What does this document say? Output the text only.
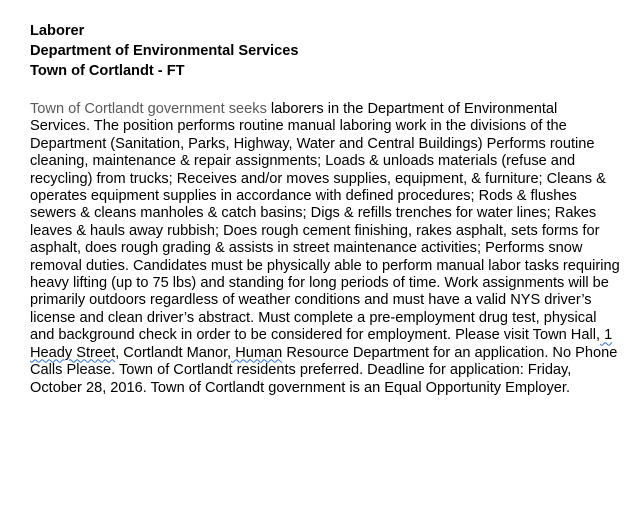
Laborer

Department of Environmental Services

Town of Cortlandt - FT

Town of Cortlandt government seeks laborers in the Department of Environmental Services. The position performs routine manual laboring work in the divisions of the Department (Sanitation, Parks, Highway, Water and Central Buildings) Performs routine cleaning, maintenance & repair assignments; Loads & unloads materials (refuse and recycling) from trucks; Receives and/or moves supplies, equipment, & furniture; Cleans & operates equipment supplies in accordance with defined procedures; Rods & flushes sewers & cleans manholes & catch basins; Digs & refills trenches for water lines; Rakes leaves & hauls away rubbish; Does rough cement finishing, rakes asphalt, sets forms for asphalt, does rough grading & assists in street maintenance activities; Performs snow removal duties. Candidates must be physically able to perform manual labor tasks requiring heavy lifting (up to 75 lbs) and standing for long periods of time. Work assignments will be primarily outdoors regardless of weather conditions and must have a valid NYS driver’s license and clean driver’s abstract. Must complete a pre-employment drug test, physical and background check in order to be considered for employment. Please visit Town Hall, 1 Heady Street, Cortlandt Manor, Human Resource Department for an application. No Phone Calls Please. Town of Cortlandt residents preferred. Deadline for application: Friday, October 28, 2016. Town of Cortlandt government is an Equal Opportunity Employer.
